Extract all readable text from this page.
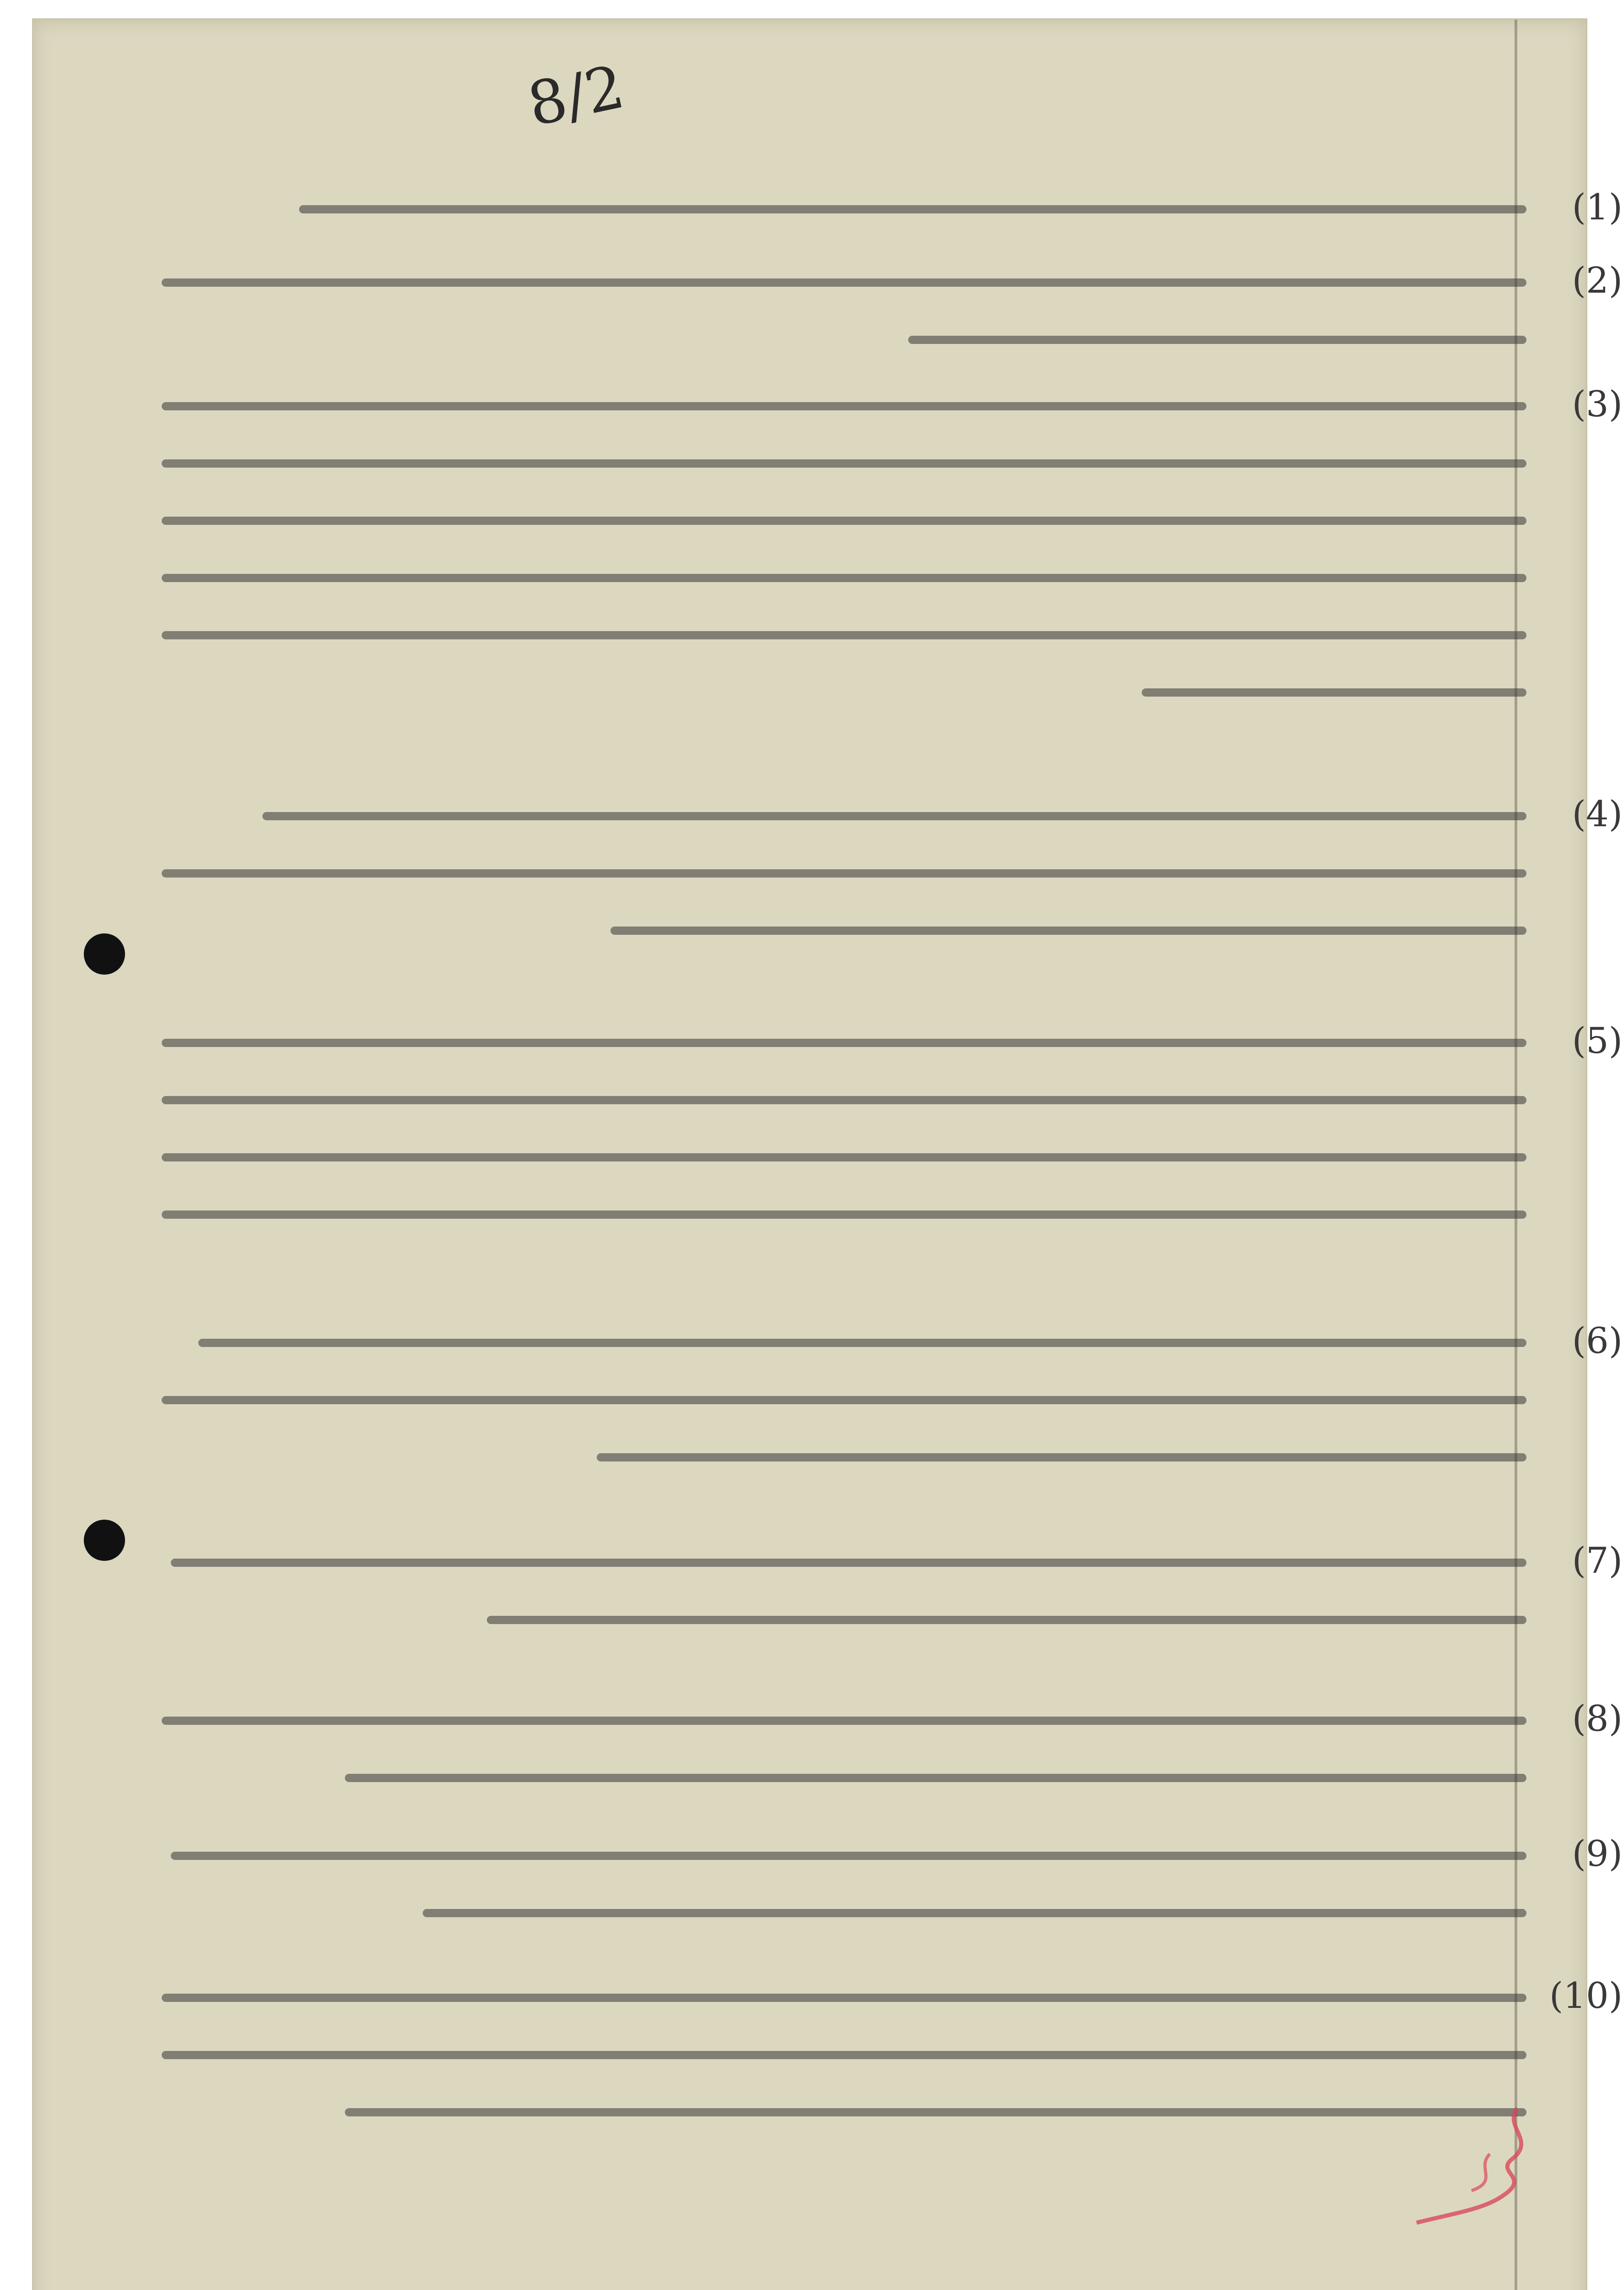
8/2
(1)
(2)
(3)
(4)
(5)
(6)
(7)
(8)
(9)
(10)
